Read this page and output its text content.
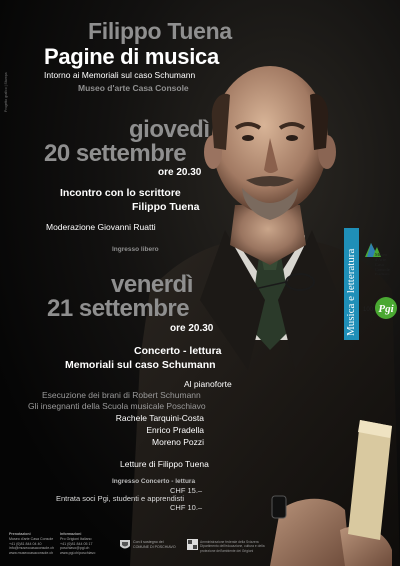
Progetto grafico | Stampa
Filippo Tuena
Pagine di musica
Intorno ai Memoriali sul caso Schumann
Museo d'arte Casa Console
giovedì
20 settembre
ore 20.30
Incontro con lo scrittore
Filippo Tuena
Moderazione Giovanni Ruatti
Ingresso libero
venerdì
21 settembre
ore 20.30
Concerto - lettura
Memoriali sul caso Schumann
Al pianoforte
Esecuzione dei brani di Robert Schumann
Gli insegnanti della Scuola musicale Poschiavo
Rachele Tarquini-Costa
Enrico Pradella
Moreno Pozzi
Letture di Filippo Tuena
Ingresso Concerto - lettura
CHF 15.–
Entrata soci Pgi, studenti e apprendisti
CHF 10.–
Musica e letteratura	Museo
d'Arte
Casa
Console
Poschiavo
100 Pgi
Prenotazioni
Museo d'arte Casa Console
+41 (0)81 844 04 40
info@museocasaconsole.ch
www.museocasaconsole.ch
Informazioni
Pro Grigioni Italiano
+41 (0)81 844 05 17
poschiavo@pgi.ch
www.pgi.ch/poschiavo
Con il sostegno del
COMUNE DI POSCHIAVO
Amministrazione federale della Svizzera
Dipartimento dell'educazione, cultura e della
protezione dell'ambiente dei Grigioni
